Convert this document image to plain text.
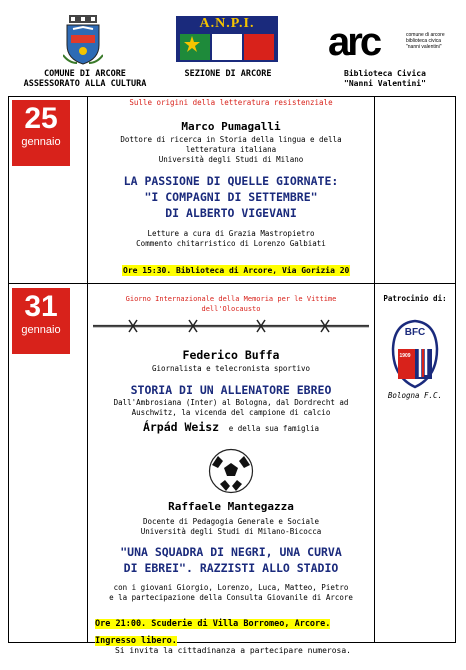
COMUNE DI ARCORE
ASSESSORATO ALLA CULTURA
A.N.P.I.
SEZIONE DI ARCORE
arc	comune di arcore
biblioteca civica
"nanni valentini"
Biblioteca Civica
"Nanni Valentini"
25
gennaio
Sulle origini della letteratura resistenziale
Marco Pumagalli
Dottore di ricerca in Storia della lingua e della
letteratura italiana
Università degli Studi di Milano
LA PASSIONE DI QUELLE GIORNATE:
"I COMPAGNI DI SETTEMBRE"
DI ALBERTO VIGEVANI
Letture a cura di Grazia Mastropietro
Commento chitarristico di Lorenzo Galbiati
Ore 15:30. Biblioteca di Arcore, Via Gorizia 20
31
gennaio
Giorno Internazionale della Memoria per le Vittime
dell'Olocausto
Federico Buffa
Giornalista e telecronista sportivo
STORIA DI UN ALLENATORE EBREO
Dall'Ambrosiana (Inter) al Bologna, dal Dordrecht ad
Auschwitz, la vicenda del campione di calcio
Árpád Weisz e della sua famiglia
Raffaele Mantegazza
Docente di Pedagogia Generale e Sociale
Università degli Studi di Milano-Bicocca
"UNA SQUADRA DI NEGRI, UNA CURVA
DI EBREI". RAZZISTI ALLO STADIO
con i giovani Giorgio, Lorenzo, Luca, Matteo, Pietro
e la partecipazione della Consulta Giovanile di Arcore
Ore 21:00. Scuderie di Villa Borromeo, Arcore.
Ingresso libero.
Patrocinio di:
BFC
1909
Bologna F.C.
Si invita la cittadinanza a partecipare numerosa.
